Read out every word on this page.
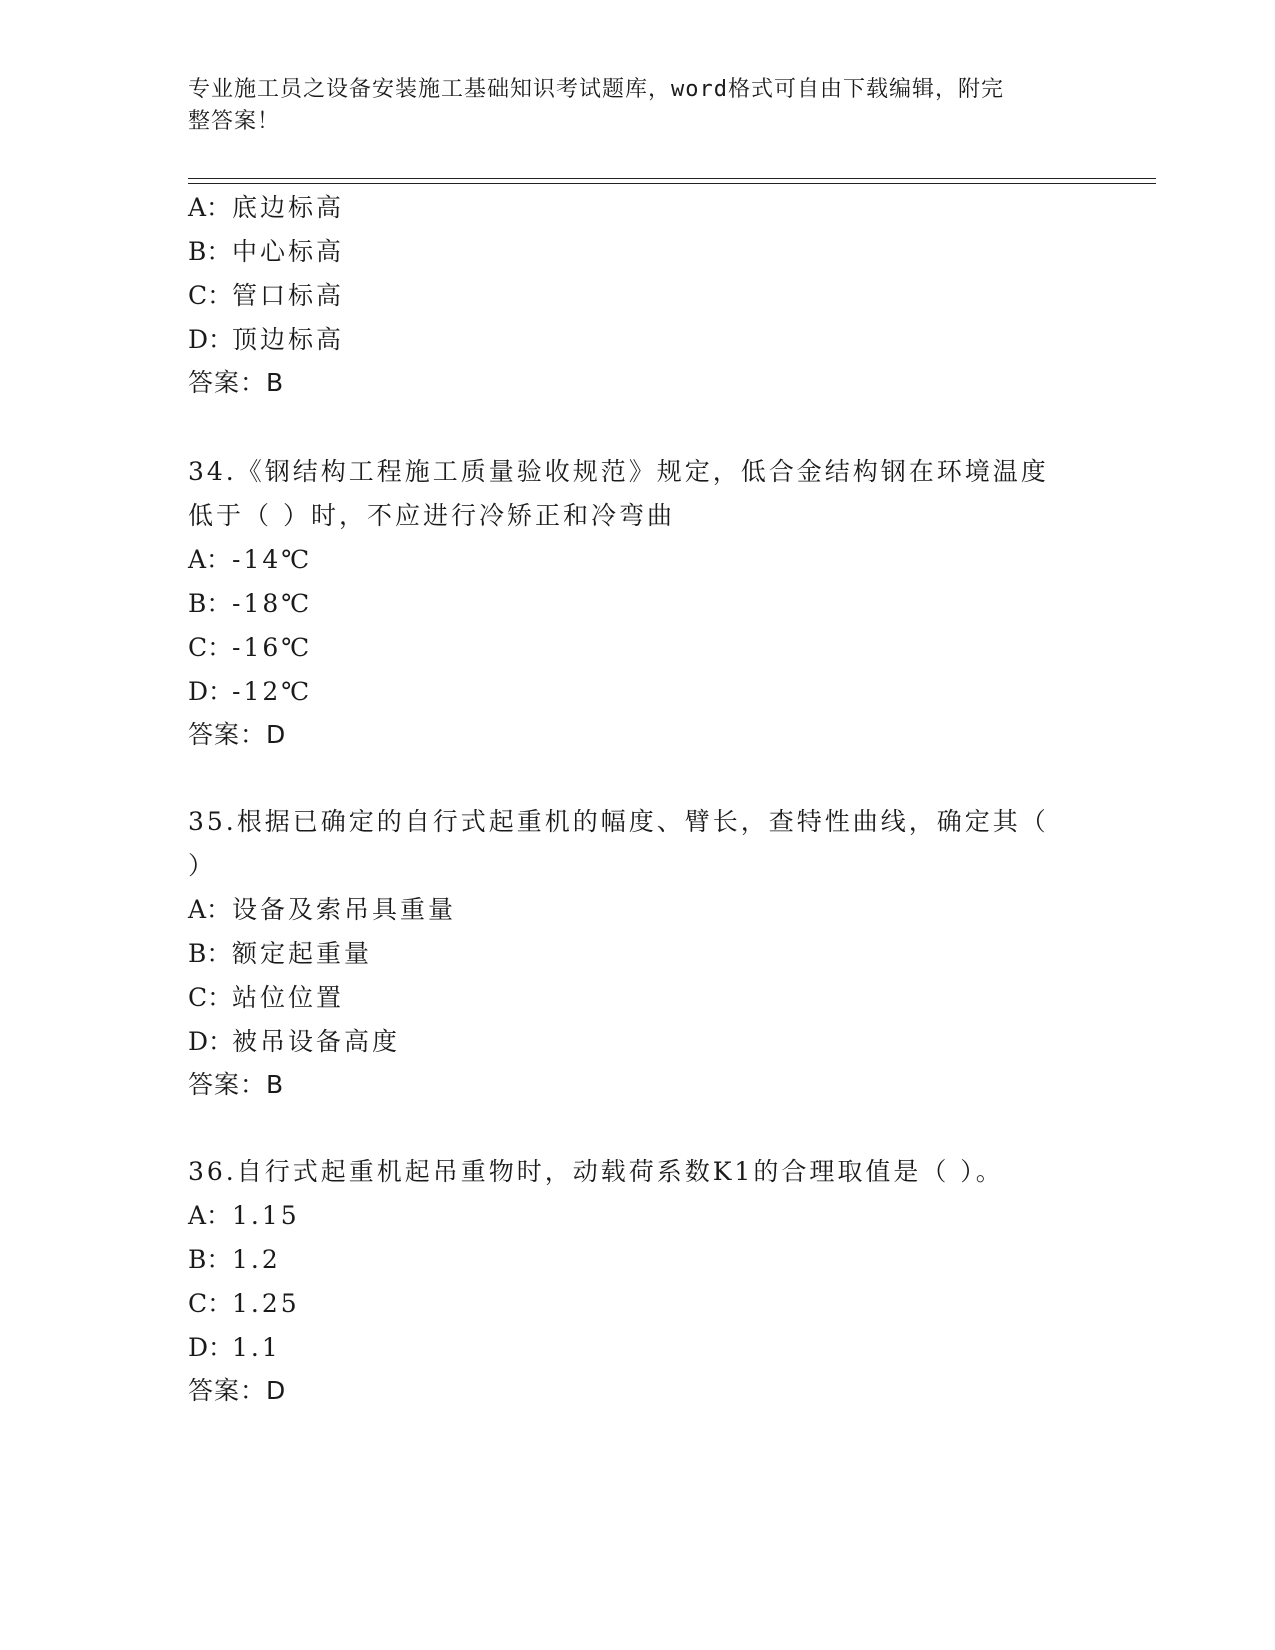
专业施工员之设备安装施工基础知识考试题库，word格式可自由下载编辑，附完
整答案！
A：底边标高
B：中心标高
C：管口标高
D：顶边标高
答案：B
34.《钢结构工程施工质量验收规范》规定，低合金结构钢在环境温度
低于（ ）时，不应进行冷矫正和冷弯曲
A：-14℃
B：-18℃
C：-16℃
D：-12℃
答案：D
35.根据已确定的自行式起重机的幅度、臂长，查特性曲线，确定其（
）
A：设备及索吊具重量
B：额定起重量
C：站位位置
D：被吊设备高度
答案：B
36.自行式起重机起吊重物时，动载荷系数K1的合理取值是（ ）。
A：1.15
B：1.2
C：1.25
D：1.1
答案：D
